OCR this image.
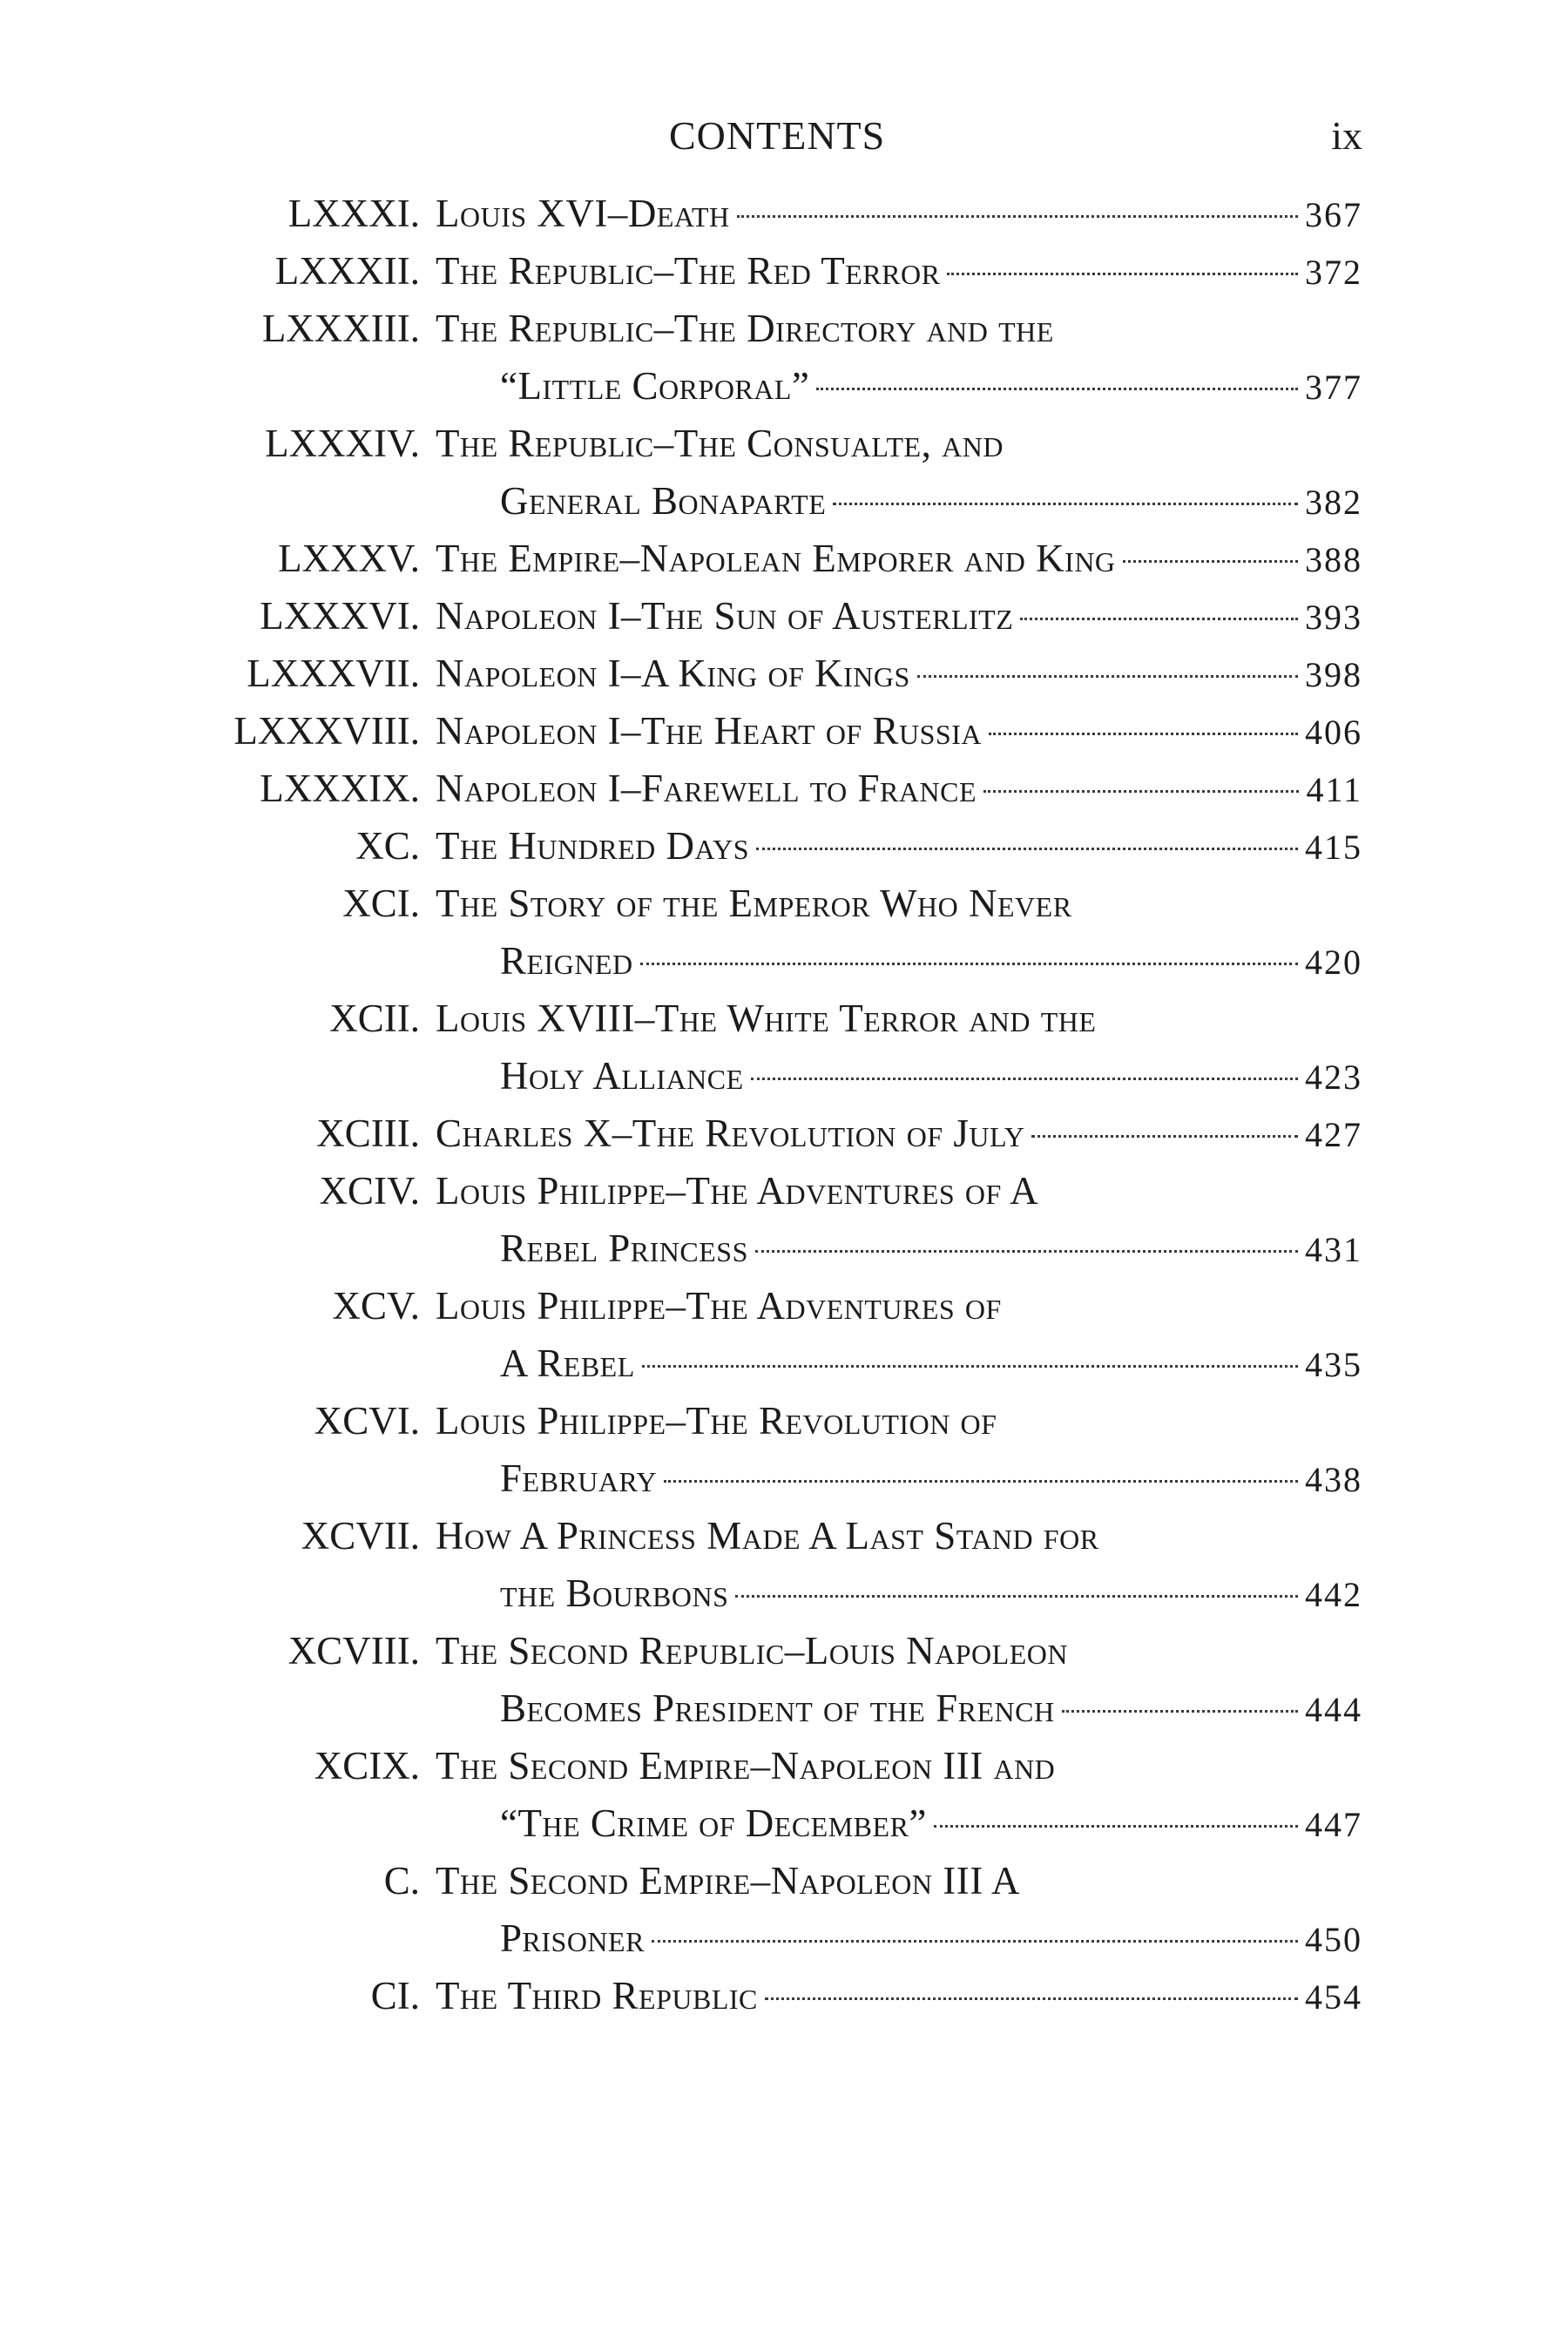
CONTENTS	ix
LXXXI. Louis XVI–Death	367
LXXXII. The Republic–The Red Terror	372
LXXXIII. The Republic–The Directory and the
“Little Corporal”	377
LXXXIV. The Republic–The Consualte, and
General Bonaparte	382
LXXXV. The Empire–Napolean Emporer and King	388
LXXXVI. Napoleon I–The Sun of Austerlitz	393
LXXXVII. Napoleon I–A King of Kings	398
LXXXVIII. Napoleon I–The Heart of Russia	406
LXXXIX. Napoleon I–Farewell to France	411
XC. The Hundred Days	415
XCI. The Story of the Emperor Who Never
Reigned	420
XCII. Louis XVIII–The White Terror and the
Holy Alliance	423
XCIII. Charles X–The Revolution of July	427
XCIV. Louis Philippe–The Adventures of A
Rebel Princess	431
XCV. Louis Philippe–The Adventures of
A Rebel	435
XCVI. Louis Philippe–The Revolution of
February	438
XCVII. How A Princess Made A Last Stand for
the Bourbons	442
XCVIII. The Second Republic–Louis Napoleon
Becomes President of the French	444
XCIX. The Second Empire–Napoleon III and
“The Crime of December”	447
C. The Second Empire–Napoleon III A
Prisoner	450
CI. The Third Republic	454
